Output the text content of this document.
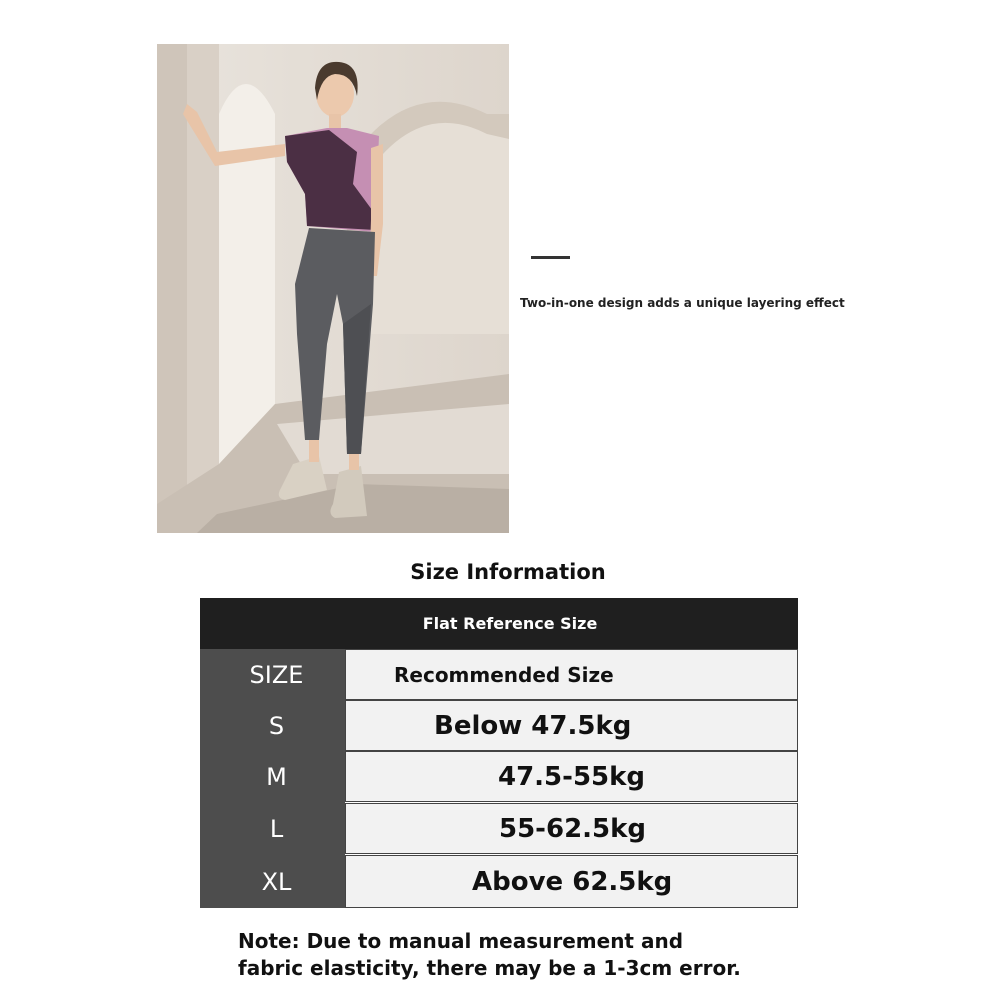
Two-in-one design adds a unique layering effect
Size Information
Flat Reference Size
SIZE	Recommended Size
S	Below 47.5kg
M	47.5-55kg
L	55-62.5kg
XL	Above 62.5kg
Note: Due to manual measurement and
fabric elasticity, there may be a 1-3cm error.
